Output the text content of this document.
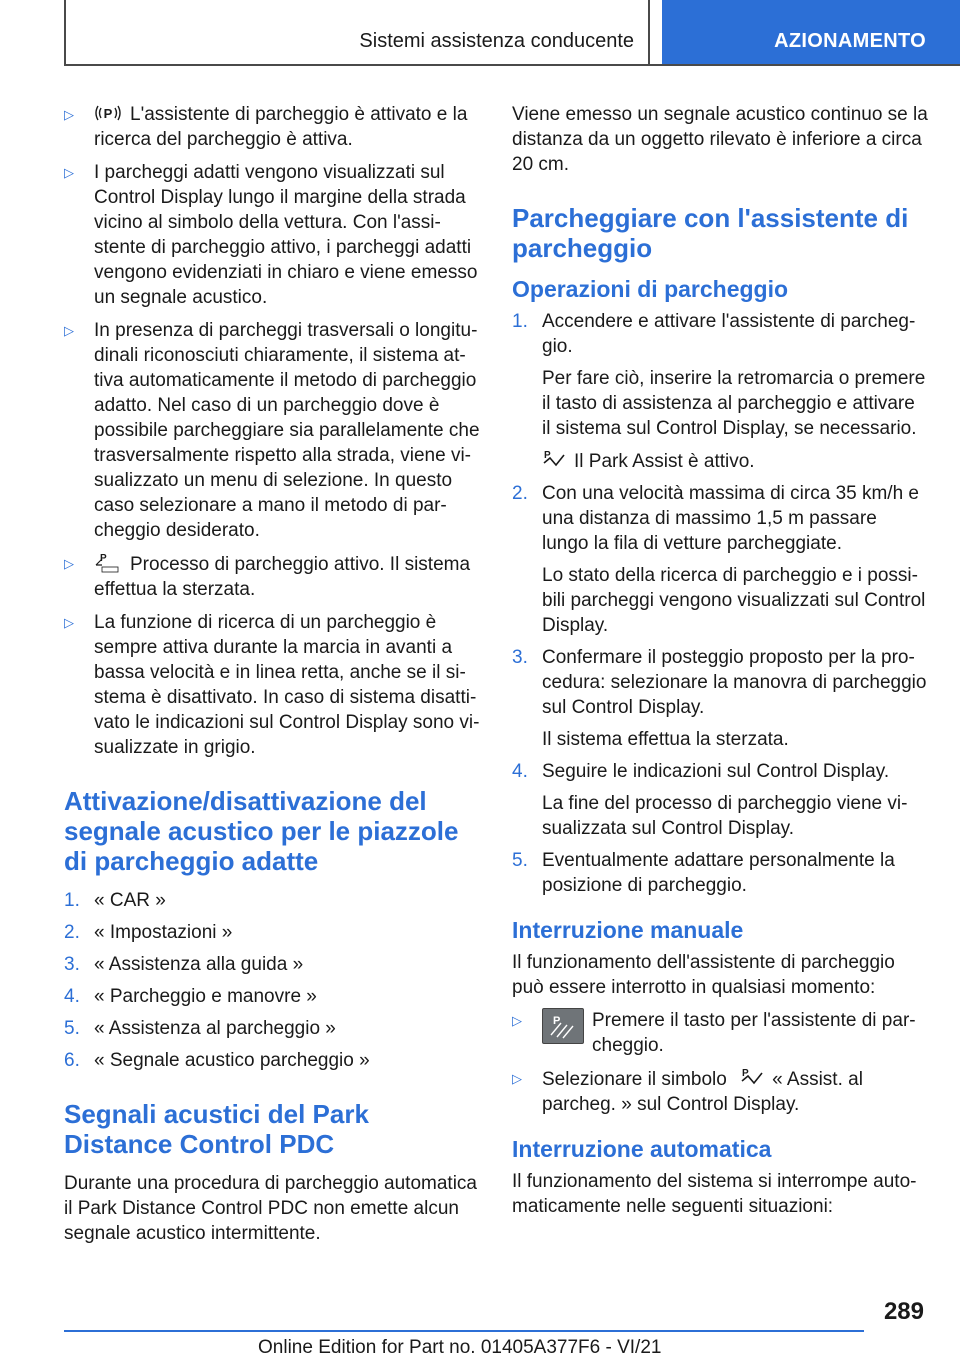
Sistemi assistenza conducente	AZIONAMENTO
▷ P L'assistente di parcheggio è attivato e la ricerca del parcheggio è attiva.
▷ I parcheggi adatti vengono visualizzati sul Control Display lungo il margine della strada vicino al simbolo della vettura. Con l'assistente di parcheggio attivo, i parcheggi adatti vengono evidenziati in chiaro e viene emesso un segnale acustico.
▷ In presenza di parcheggi trasversali o longitudinali riconosciuti chiaramente, il sistema attiva automaticamente il metodo di parcheggio adatto. Nel caso di un parcheggio dove è possibile parcheggiare sia parallelamente che trasversalmente rispetto alla strada, viene visualizzato un menu di selezione. In questo caso selezionare a mano il metodo di parcheggio desiderato.
▷	P Processo di parcheggio attivo. Il sistema effettua la sterzata.
▷ La funzione di ricerca di un parcheggio è sempre attiva durante la marcia in avanti a bassa velocità e in linea retta, anche se il sistema è disattivato. In caso di sistema disattivato le indicazioni sul Control Display sono visualizzate in grigio.
Attivazione/disattivazione del segnale acustico per le piazzole di parcheggio adatte
1. « CAR »
2. « Impostazioni »
3. « Assistenza alla guida »
4. « Parcheggio e manovre »
5. « Assistenza al parcheggio »
6. « Segnale acustico parcheggio »
Segnali acustici del Park Distance Control PDC

Durante una procedura di parcheggio automatica il Park Distance Control PDC non emette alcun segnale acustico intermittente.

Viene emesso un segnale acustico continuo se la distanza da un oggetto rilevato è inferiore a circa 20 cm.

Parcheggiare con l'assistente di parcheggio
Operazioni di parcheggio
1. Accendere e attivare l'assistente di parcheggio.
Per fare ciò, inserire la retromarcia o premere il tasto di assistenza al parcheggio e attivare il sistema sul Control Display, se necessario.
P Il Park Assist è attivo.
2. Con una velocità massima di circa 35 km/h e una distanza di massimo 1,5 m passare lungo la fila di vetture parcheggiate.
Lo stato della ricerca di parcheggio e i possibili parcheggi vengono visualizzati sul Control Display.
3. Confermare il posteggio proposto per la procedura: selezionare la manovra di parcheggio sul Control Display.
Il sistema effettua la sterzata.
4. Seguire le indicazioni sul Control Display.
La fine del processo di parcheggio viene visualizzata sul Control Display.
5. Eventualmente adattare personalmente la posizione di parcheggio.
Interruzione manuale

Il funzionamento dell'assistente di parcheggio può essere interrotto in qualsiasi momento:

▷	P Premere il tasto per l'assistente di parcheggio.
▷ Selezionare il simbolo P « Assist. al parcheg. » sul Control Display.
Interruzione automatica

Il funzionamento del sistema si interrompe automaticamente nelle seguenti situazioni:

289
Online Edition for Part no. 01405A377F6 - VI/21
